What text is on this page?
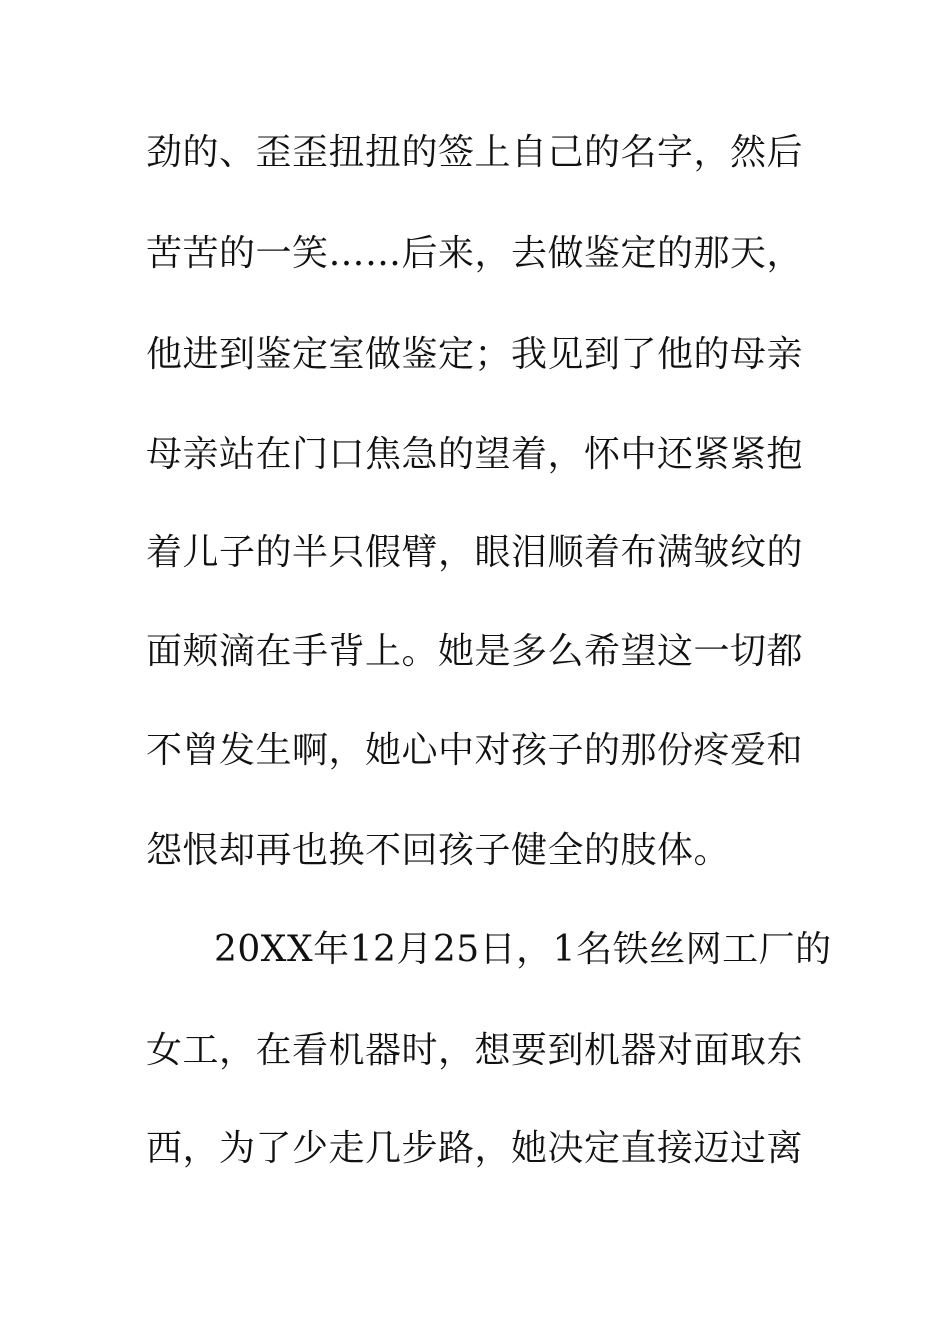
劲的、歪歪扭扭的签上自己的名字，然后
苦苦的一笑……后来，去做鉴定的那天，
他进到鉴定室做鉴定；我见到了他的母亲
母亲站在门口焦急的望着，怀中还紧紧抱
着儿子的半只假臂，眼泪顺着布满皱纹的
面颊滴在手背上。她是多么希望这一切都
不曾发生啊，她心中对孩子的那份疼爱和
怨恨却再也换不回孩子健全的肢体。
20XX年12月25日，1名铁丝网工厂的
女工，在看机器时，想要到机器对面取东
西，为了少走几步路，她决定直接迈过离
